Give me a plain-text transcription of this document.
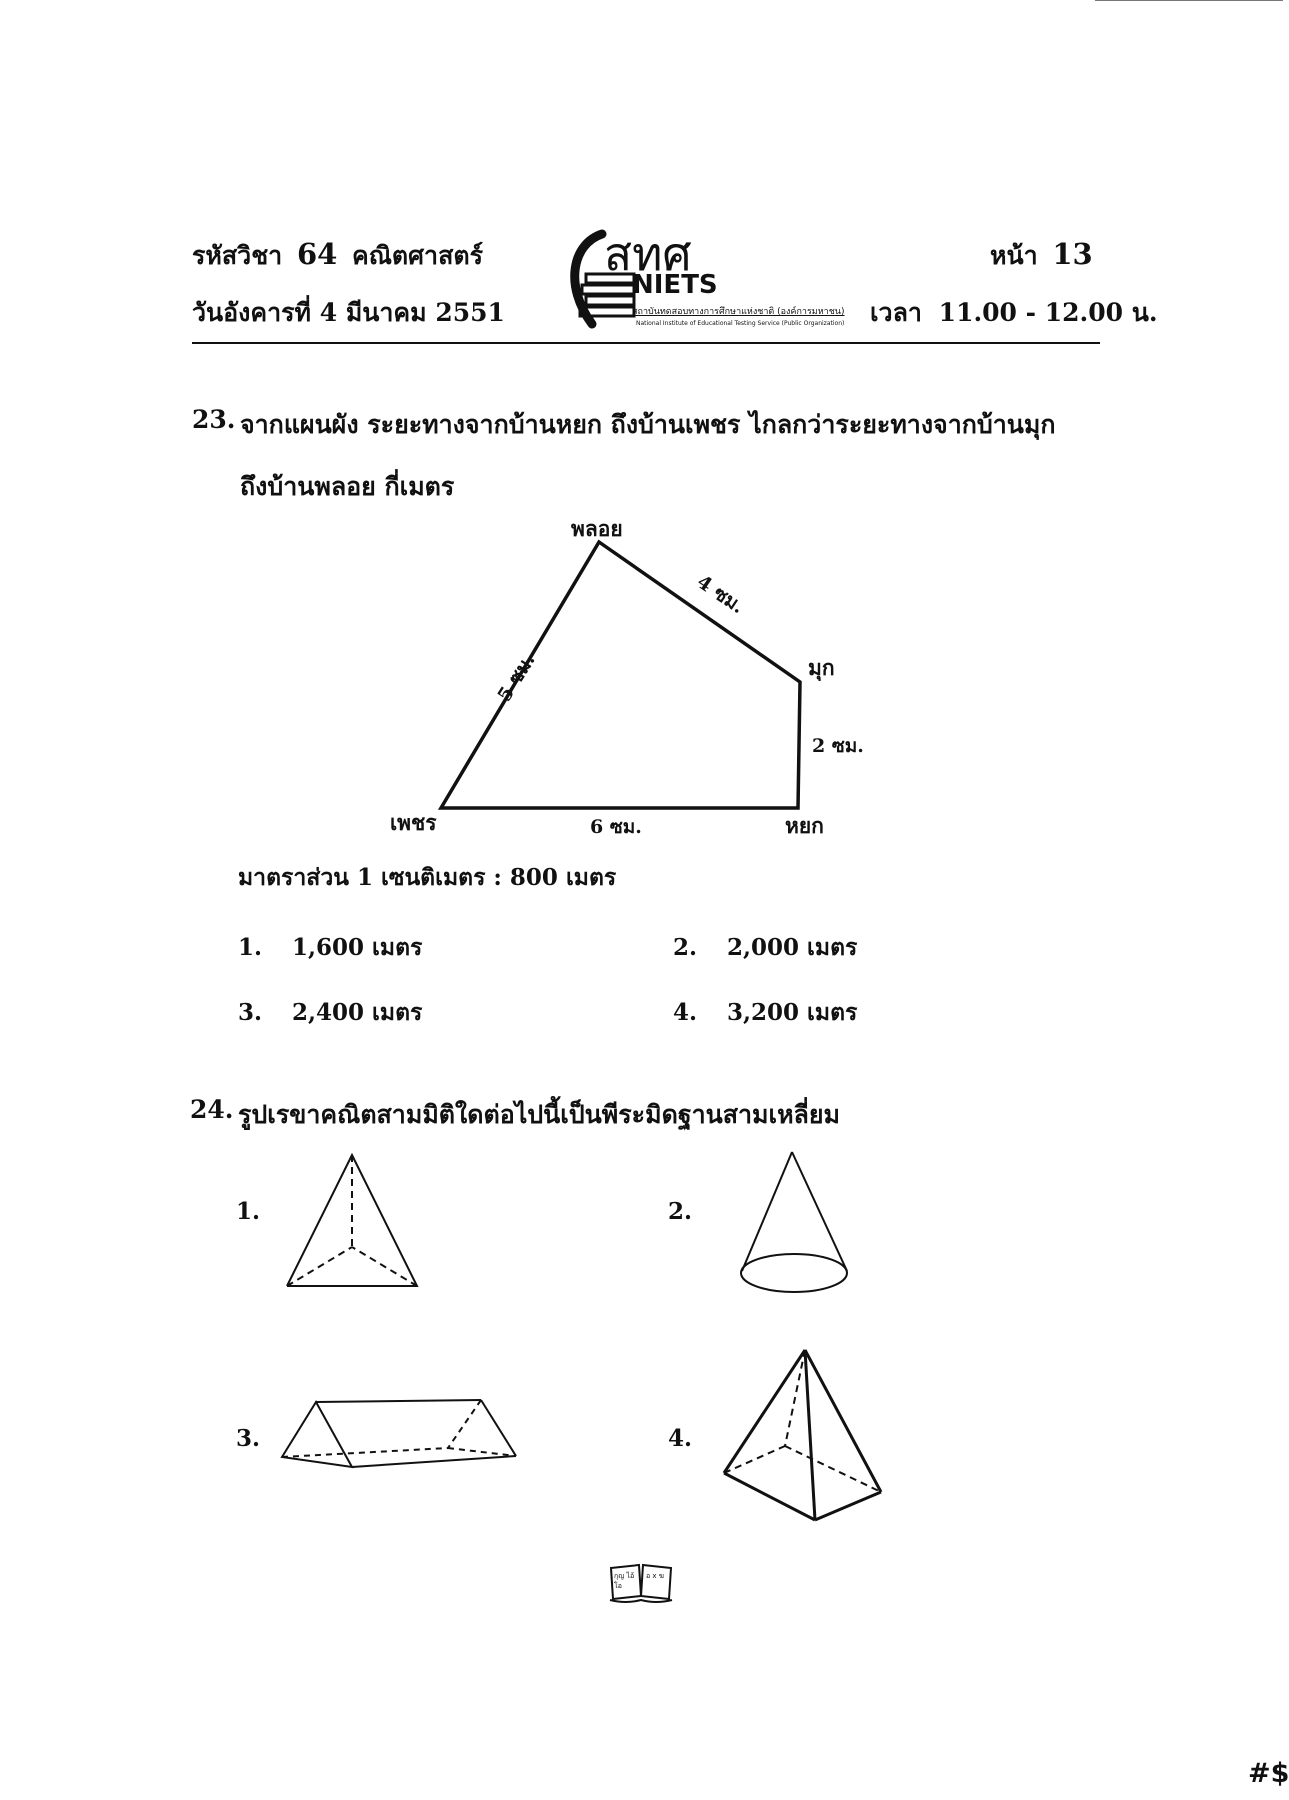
รหัสวิชา 64 คณิตศาสตร์
วันอังคารที่ 4 มีนาคม 2551
หน้า 13
เวลา 11.00 - 12.00 น.
สทศ
NIETS
สถาบันทดสอบทางการศึกษาแห่งชาติ (องค์การมหาชน)
National Institute of Educational Testing Service (Public Organization)
23. จากแผนผัง ระยะทางจากบ้านหยก ถึงบ้านเพชร ไกลกว่าระยะทางจากบ้านมุก
ถึงบ้านพลอย กี่เมตร
พลอย
มุก
เพชร	หยก
4 ซม.
5 ซม.
2 ซม.
6 ซม.
มาตราส่วน 1 เซนติเมตร : 800 เมตร
1. 1,600 เมตร	2. 2,000 เมตร
3. 2,400 เมตร	4. 3,200 เมตร
24. รูปเรขาคณิตสามมิติใดต่อไปนี้เป็นพีระมิดฐานสามเหลี่ยม
1.	2.
3.	4.
กุญ ไอ้โอ
อ x ฆ
#$
